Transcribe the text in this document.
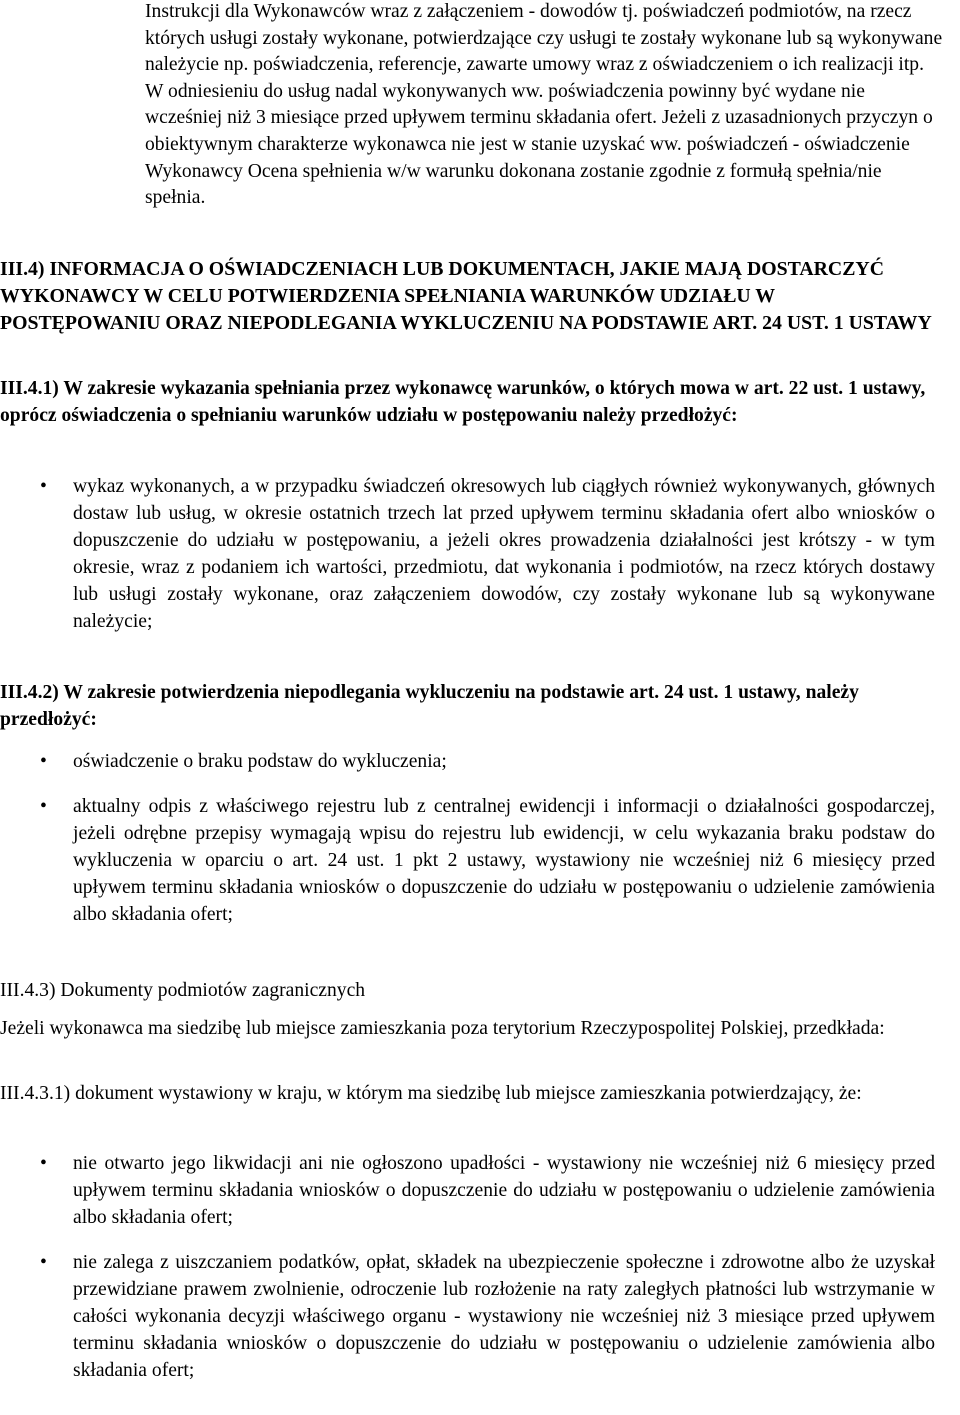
Instrukcji dla Wykonawców wraz z załączeniem - dowodów tj. poświadczeń podmiotów, na rzecz których usługi zostały wykonane, potwierdzające czy usługi te zostały wykonane lub są wykonywane należycie np. poświadczenia, referencje, zawarte umowy wraz z oświadczeniem o ich realizacji itp. W odniesieniu do usług nadal wykonywanych ww. poświadczenia powinny być wydane nie wcześniej niż 3 miesiące przed upływem terminu składania ofert. Jeżeli z uzasadnionych przyczyn o obiektywnym charakterze wykonawca nie jest w stanie uzyskać ww. poświadczeń - oświadczenie Wykonawcy Ocena spełnienia w/w warunku dokonana zostanie zgodnie z formułą spełnia/nie spełnia.

III.4) INFORMACJA O OŚWIADCZENIACH LUB DOKUMENTACH, JAKIE MAJĄ DOSTARCZYĆ WYKONAWCY W CELU POTWIERDZENIA SPEŁNIANIA WARUNKÓW UDZIAŁU W POSTĘPOWANIU ORAZ NIEPODLEGANIA WYKLUCZENIU NA PODSTAWIE ART. 24 UST. 1 USTAWY

III.4.1) W zakresie wykazania spełniania przez wykonawcę warunków, o których mowa w art. 22 ust. 1 ustawy, oprócz oświadczenia o spełnianiu warunków udziału w postępowaniu należy przedłożyć:

• wykaz wykonanych, a w przypadku świadczeń okresowych lub ciągłych również wykonywanych, głównych dostaw lub usług, w okresie ostatnich trzech lat przed upływem terminu składania ofert albo wniosków o dopuszczenie do udziału w postępowaniu, a jeżeli okres prowadzenia działalności jest krótszy - w tym okresie, wraz z podaniem ich wartości, przedmiotu, dat wykonania i podmiotów, na rzecz których dostawy lub usługi zostały wykonane, oraz załączeniem dowodów, czy zostały wykonane lub są wykonywane należycie;

III.4.2) W zakresie potwierdzenia niepodlegania wykluczeniu na podstawie art. 24 ust. 1 ustawy, należy przedłożyć:

• oświadczenie o braku podstaw do wykluczenia;
• aktualny odpis z właściwego rejestru lub z centralnej ewidencji i informacji o działalności gospodarczej, jeżeli odrębne przepisy wymagają wpisu do rejestru lub ewidencji, w celu wykazania braku podstaw do wykluczenia w oparciu o art. 24 ust. 1 pkt 2 ustawy, wystawiony nie wcześniej niż 6 miesięcy przed upływem terminu składania wniosków o dopuszczenie do udziału w postępowaniu o udzielenie zamówienia albo składania ofert;

III.4.3) Dokumenty podmiotów zagranicznych

Jeżeli wykonawca ma siedzibę lub miejsce zamieszkania poza terytorium Rzeczypospolitej Polskiej, przedkłada:

III.4.3.1) dokument wystawiony w kraju, w którym ma siedzibę lub miejsce zamieszkania potwierdzający, że:

• nie otwarto jego likwidacji ani nie ogłoszono upadłości - wystawiony nie wcześniej niż 6 miesięcy przed upływem terminu składania wniosków o dopuszczenie do udziału w postępowaniu o udzielenie zamówienia albo składania ofert;
• nie zalega z uiszczaniem podatków, opłat, składek na ubezpieczenie społeczne i zdrowotne albo że uzyskał przewidziane prawem zwolnienie, odroczenie lub rozłożenie na raty zaległych płatności lub wstrzymanie w całości wykonania decyzji właściwego organu - wystawiony nie wcześniej niż 3 miesiące przed upływem terminu składania wniosków o dopuszczenie do udziału w postępowaniu o udzielenie zamówienia albo składania ofert;
